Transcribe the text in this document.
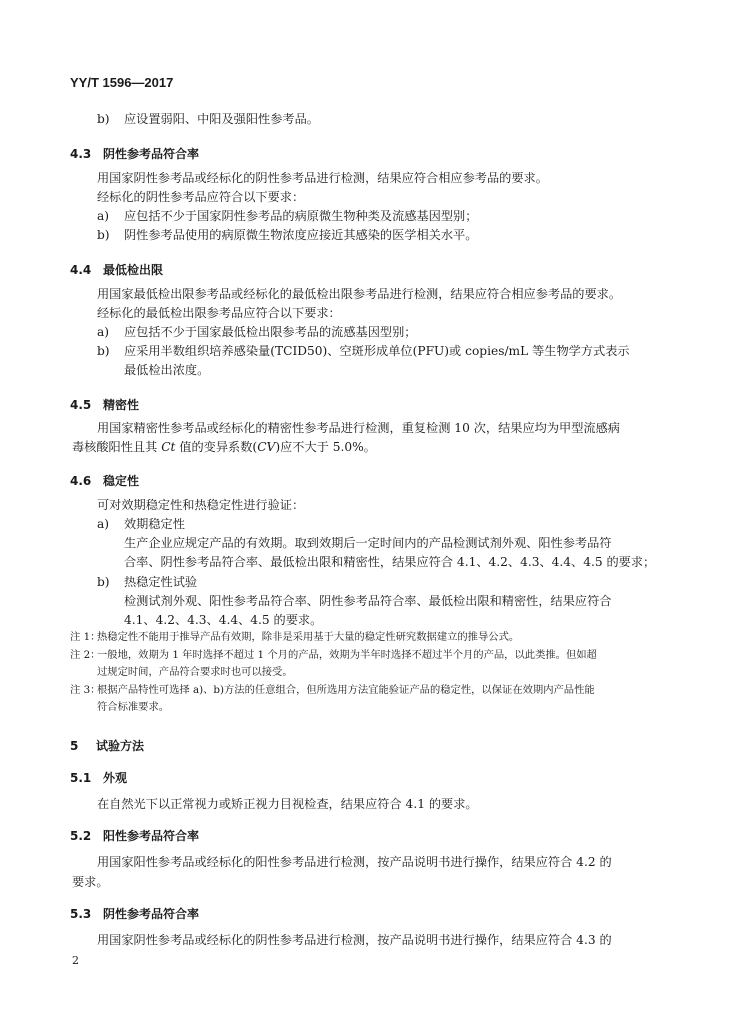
YY/T 1596—2017
b) 应设置弱阳、中阳及强阳性参考品。
4.3 阴性参考品符合率
用国家阴性参考品或经标化的阴性参考品进行检测，结果应符合相应参考品的要求。
经标化的阴性参考品应符合以下要求：
a) 应包括不少于国家阴性参考品的病原微生物种类及流感基因型别；
b) 阴性参考品使用的病原微生物浓度应接近其感染的医学相关水平。
4.4 最低检出限
用国家最低检出限参考品或经标化的最低检出限参考品进行检测，结果应符合相应参考品的要求。
经标化的最低检出限参考品应符合以下要求：
a) 应包括不少于国家最低检出限参考品的流感基因型别；
b) 应采用半数组织培养感染量(TCID50)、空斑形成单位(PFU)或 copies/mL 等生物学方式表示
最低检出浓度。
4.5 精密性
用国家精密性参考品或经标化的精密性参考品进行检测，重复检测 10 次，结果应均为甲型流感病
毒核酸阳性且其 Ct 值的变异系数(CV)应不大于 5.0%。
4.6 稳定性
可对效期稳定性和热稳定性进行验证：
a) 效期稳定性
生产企业应规定产品的有效期。取到效期后一定时间内的产品检测试剂外观、阳性参考品符
合率、阴性参考品符合率、最低检出限和精密性，结果应符合 4.1、4.2、4.3、4.4、4.5 的要求；
b) 热稳定性试验
检测试剂外观、阳性参考品符合率、阴性参考品符合率、最低检出限和精密性，结果应符合
4.1、4.2、4.3、4.4、4.5 的要求。
注 1：
热稳定性不能用于推导产品有效期，除非是采用基于大量的稳定性研究数据建立的推导公式。
注 2：
一般地，效期为 1 年时选择不超过 1 个月的产品，效期为半年时选择不超过半个月的产品，以此类推。但如超
过规定时间，产品符合要求时也可以接受。
注 3：
根据产品特性可选择 a)、b)方法的任意组合，但所选用方法宜能验证产品的稳定性，以保证在效期内产品性能
符合标准要求。
5 试验方法
5.1 外观
在自然光下以正常视力或矫正视力目视检查，结果应符合 4.1 的要求。
5.2 阳性参考品符合率
用国家阳性参考品或经标化的阳性参考品进行检测，按产品说明书进行操作，结果应符合 4.2 的
要求。
5.3 阴性参考品符合率
用国家阴性参考品或经标化的阴性参考品进行检测，按产品说明书进行操作，结果应符合 4.3 的
2
